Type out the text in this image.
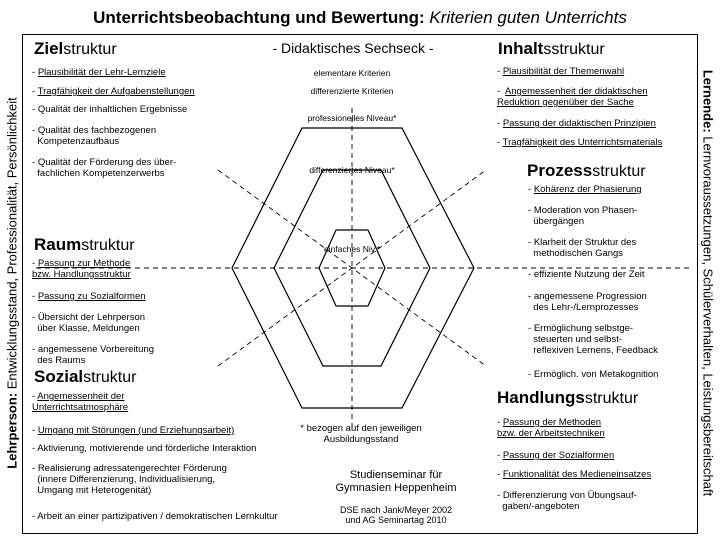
Unterrichtsbeobachtung und Bewertung: Kriterien guten Unterrichts
Lehrperson: Entwicklungsstand, Professionalität, Persönlichkeit	Lernende: Lernvoraussetzungen, Schülerverhalten, Leistungsbereitschaft
- Didaktisches Sechseck -
elementare Kriterien
differenzierte Kriterien
professionelles Niveau*
differenziertes Niveau*
einfaches Niv.*
Zielstruktur
- Plausibilität der Lehr-Lernziele
- Tragfähigkeit der Aufgabenstellungen
- Qualität der inhaltlichen Ergebnisse
- Qualität des fachbezogenen
Kompetenzaufbaus
- Qualität der Förderung des über-
fachlichen Kompetenzerwerbs
Raumstruktur
- Passung zur Methode
bzw. Handlungsstruktur
- Passung zu Sozialformen
- Übersicht der Lehrperson
über Klasse, Meldungen
- angemessene Vorbereitung
des Raums
Sozialstruktur
- Angemessenheit der
Unterrichtsatmosphäre
- Umgang mit Störungen (und Erziehungsarbeit)
- Aktivierung, motivierende und förderliche Interaktion
- Realisierung adressatengerechter Förderung
(innere Differenzierung, Individualisierung,
Umgang mit Heterogenität)
- Arbeit an einer partizipativen / demokratischen Lernkultur
Inhaltsstruktur
- Plausibilität der Themenwahl
-  Angemessenheit der didaktischen
Reduktion gegenüber der Sache
- Passung der didaktischen Prinzipien
- Tragfähigkeit des Unterrichtsmaterials
Prozessstruktur
- Kohärenz der Phasierung
- Moderation von Phasen-
übergängen
- Klarheit der Struktur des
methodischen Gangs
- effiziente Nutzung der Zeit
- angemessene Progression
des Lehr-/Lernprozesses
- Ermöglichung selbstge-
steuerten und selbst-
reflexiven Lernens, Feedback
- Ermöglich. von Metakognition
Handlungsstruktur
- Passung der Methoden
bzw. der Arbeitstechniken
- Passung der Sozialformen
- Funktionalität des Medieneinsatzes
- Differenzierung von Übungsauf-
gaben/-angeboten
* bezogen auf den jeweiligen
Ausbildungsstand
Studienseminar für
Gymnasien Heppenheim
DSE nach Jank/Meyer 2002
und AG Seminartag 2010
